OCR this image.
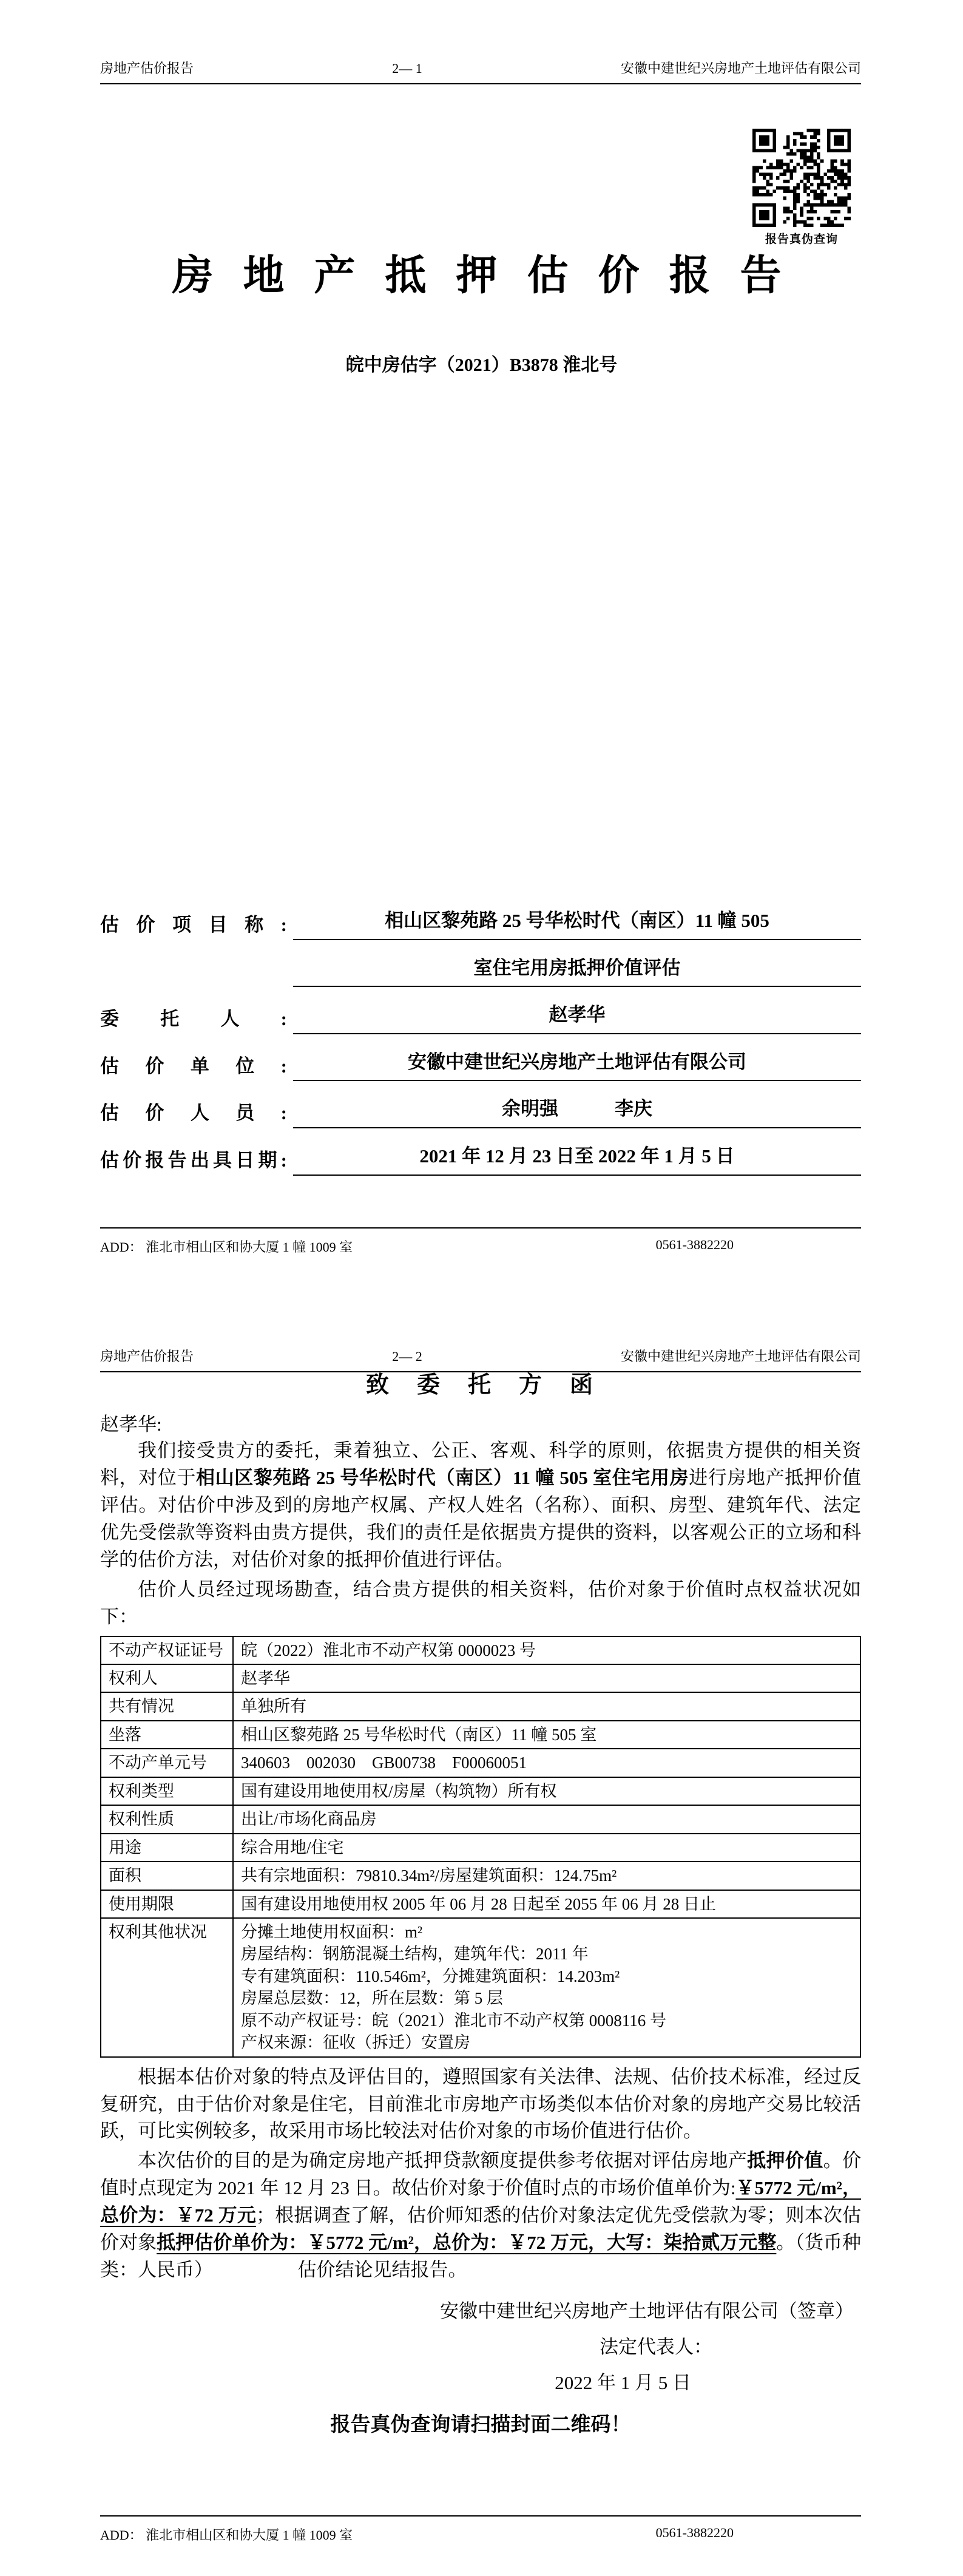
房地产估价报告	2— 1	安徽中建世纪兴房地产土地评估有限公司
报告真伪查询
房 地 产 抵 押 估 价 报 告
皖中房估字（2021）B3878 淮北号
估 价 项 目 称 :	相山区黎苑路 25 号华松时代（南区）11 幢 505
室住宅用房抵押价值评估
委 托 人 :	赵孝华
估 价 单 位 :	安徽中建世纪兴房地产土地评估有限公司
估 价 人 员 :	余明强　　　李庆
估价报告出具日期:	2021 年 12 月 23 日至 2022 年 1 月 5 日
ADD： 淮北市相山区和协大厦 1 幢 1009 室	0561-3882220
房地产估价报告	2— 2	安徽中建世纪兴房地产土地评估有限公司
致　委　托　方　函
赵孝华:

我们接受贵方的委托，秉着独立、公正、客观、科学的原则，依据贵方提供的相关资料，对位于相山区黎苑路 25 号华松时代（南区）11 幢 505 室住宅用房进行房地产抵押价值评估。对估价中涉及到的房地产权属、产权人姓名（名称）、面积、房型、建筑年代、法定优先受偿款等资料由贵方提供，我们的责任是依据贵方提供的资料，以客观公正的立场和科学的估价方法，对估价对象的抵押价值进行评估。

估价人员经过现场勘查，结合贵方提供的相关资料，估价对象于价值时点权益状况如下：

不动产权证证号	皖（2022）淮北市不动产权第 0000023 号
权利人	赵孝华
共有情况	单独所有
坐落	相山区黎苑路 25 号华松时代（南区）11 幢 505 室
不动产单元号	340603　002030　GB00738　F00060051
权利类型	国有建设用地使用权/房屋（构筑物）所有权
权利性质	出让/市场化商品房
用途	综合用地/住宅
面积	共有宗地面积：79810.34m²/房屋建筑面积：124.75m²
使用期限	国有建设用地使用权 2005 年 06 月 28 日起至 2055 年 06 月 28 日止
权利其他状况	分摊土地使用权面积：m²
房屋结构：钢筋混凝土结构，建筑年代：2011 年
专有建筑面积：110.546m²，分摊建筑面积：14.203m²
房屋总层数：12，所在层数：第 5 层
原不动产权证号：皖（2021）淮北市不动产权第 0008116 号
产权来源：征收（拆迁）安置房

根据本估价对象的特点及评估目的，遵照国家有关法律、法规、估价技术标准，经过反复研究，由于估价对象是住宅，目前淮北市房地产市场类似本估价对象的房地产交易比较活跃，可比实例较多，故采用市场比较法对估价对象的市场价值进行估价。

本次估价的目的是为确定房地产抵押贷款额度提供参考依据对评估房地产抵押价值。价值时点现定为 2021 年 12 月 23 日。故估价对象于价值时点的市场价值单价为:￥5772 元/m²，总价为：￥72 万元；根据调查了解，估价师知悉的估价对象法定优先受偿款为零；则本次估价对象抵押估价单价为：￥5772 元/m²，总价为：￥72 万元，大写：柒拾贰万元整。（货币种类：人民币）	估价结论见结报告。

安徽中建世纪兴房地产土地评估有限公司（签章）
法定代表人：
2022 年 1 月 5 日
报告真伪查询请扫描封面二维码！
ADD： 淮北市相山区和协大厦 1 幢 1009 室	0561-3882220
